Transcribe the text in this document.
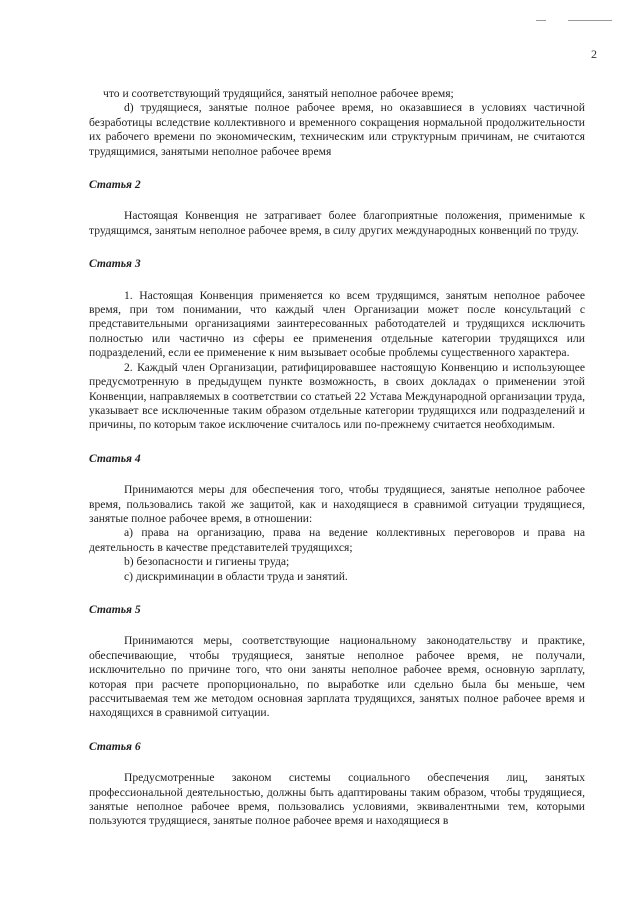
2

что и соответствующий трудящийся, занятый неполное рабочее время;

d) трудящиеся, занятые полное рабочее время, но оказавшиеся в условиях частичной безработицы вследствие коллективного и временного сокращения нормальной продолжительности их рабочего времени по экономическим, техническим или структурным причинам, не считаются трудящимися, занятыми неполное рабочее время

Статья 2

Настоящая Конвенция не затрагивает более благоприятные положения, применимые к трудящимся, занятым неполное рабочее время, в силу других международных конвенций по труду.

Статья 3

1. Настоящая Конвенция применяется ко всем трудящимся, занятым неполное рабочее время, при том понимании, что каждый член Организации может после консультаций с представительными организациями заинтересованных работодателей и трудящихся исключить полностью или частично из сферы ее применения отдельные категории трудящихся или подразделений, если ее применение к ним вызывает особые проблемы существенного характера.

2. Каждый член Организации, ратифицировавшее настоящую Конвенцию и использующее предусмотренную в предыдущем пункте возможность, в своих докладах о применении этой Конвенции, направляемых в соответствии со статьей 22 Устава Международной организации труда, указывает все исключенные таким образом отдельные категории трудящихся или подразделений и причины, по которым такое исключение считалось или по-прежнему считается необходимым.

Статья 4

Принимаются меры для обеспечения того, чтобы трудящиеся, занятые неполное рабочее время, пользовались такой же защитой, как и находящиеся в сравнимой ситуации трудящиеся, занятые полное рабочее время, в отношении:

а) права на организацию, права на ведение коллективных переговоров и права на деятельность в качестве представителей трудящихся;

b) безопасности и гигиены труда;

с) дискриминации в области труда и занятий.

Статья 5

Принимаются меры, соответствующие национальному законодательству и практике, обеспечивающие, чтобы трудящиеся, занятые неполное рабочее время, не получали, исключительно по причине того, что они заняты неполное рабочее время, основную зарплату, которая при расчете пропорционально, по выработке или сдельно была бы меньше, чем рассчитываемая тем же методом основная зарплата трудящихся, занятых полное рабочее время и находящихся в сравнимой ситуации.

Статья 6

Предусмотренные законом системы социального обеспечения лиц, занятых профессиональной деятельностью, должны быть адаптированы таким образом, чтобы трудящиеся, занятые неполное рабочее время, пользовались условиями, эквивалентными тем, которыми пользуются трудящиеся, занятые полное рабочее время и находящиеся в
